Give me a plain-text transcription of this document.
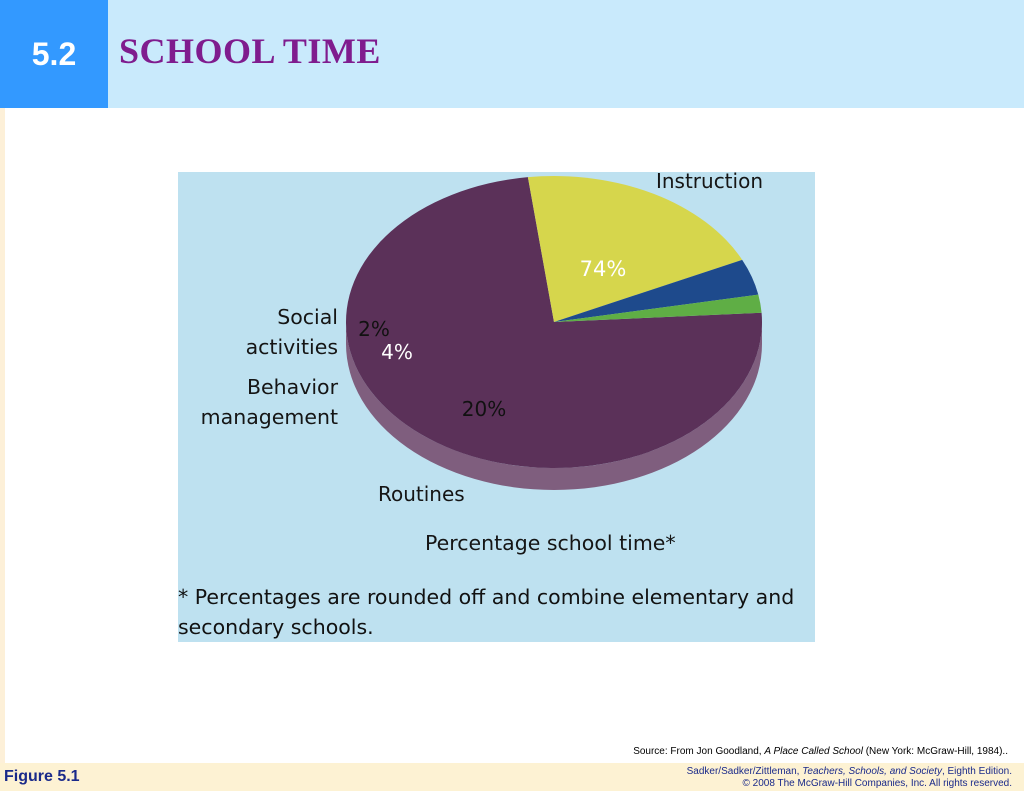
5.2	SCHOOL TIME
Instruction
74%
Social
activities
2%
4%
Behavior
management	20%
Routines
Percentage school time*
* Percentages are rounded off and combine elementary and
secondary schools.
Source: From Jon Goodland, A Place Called School (New York: McGraw-Hill, 1984)..
Figure 5.1	Sadker/Sadker/Zittleman, Teachers, Schools, and Society, Eighth Edition.
© 2008 The McGraw-Hill Companies, Inc. All rights reserved.
